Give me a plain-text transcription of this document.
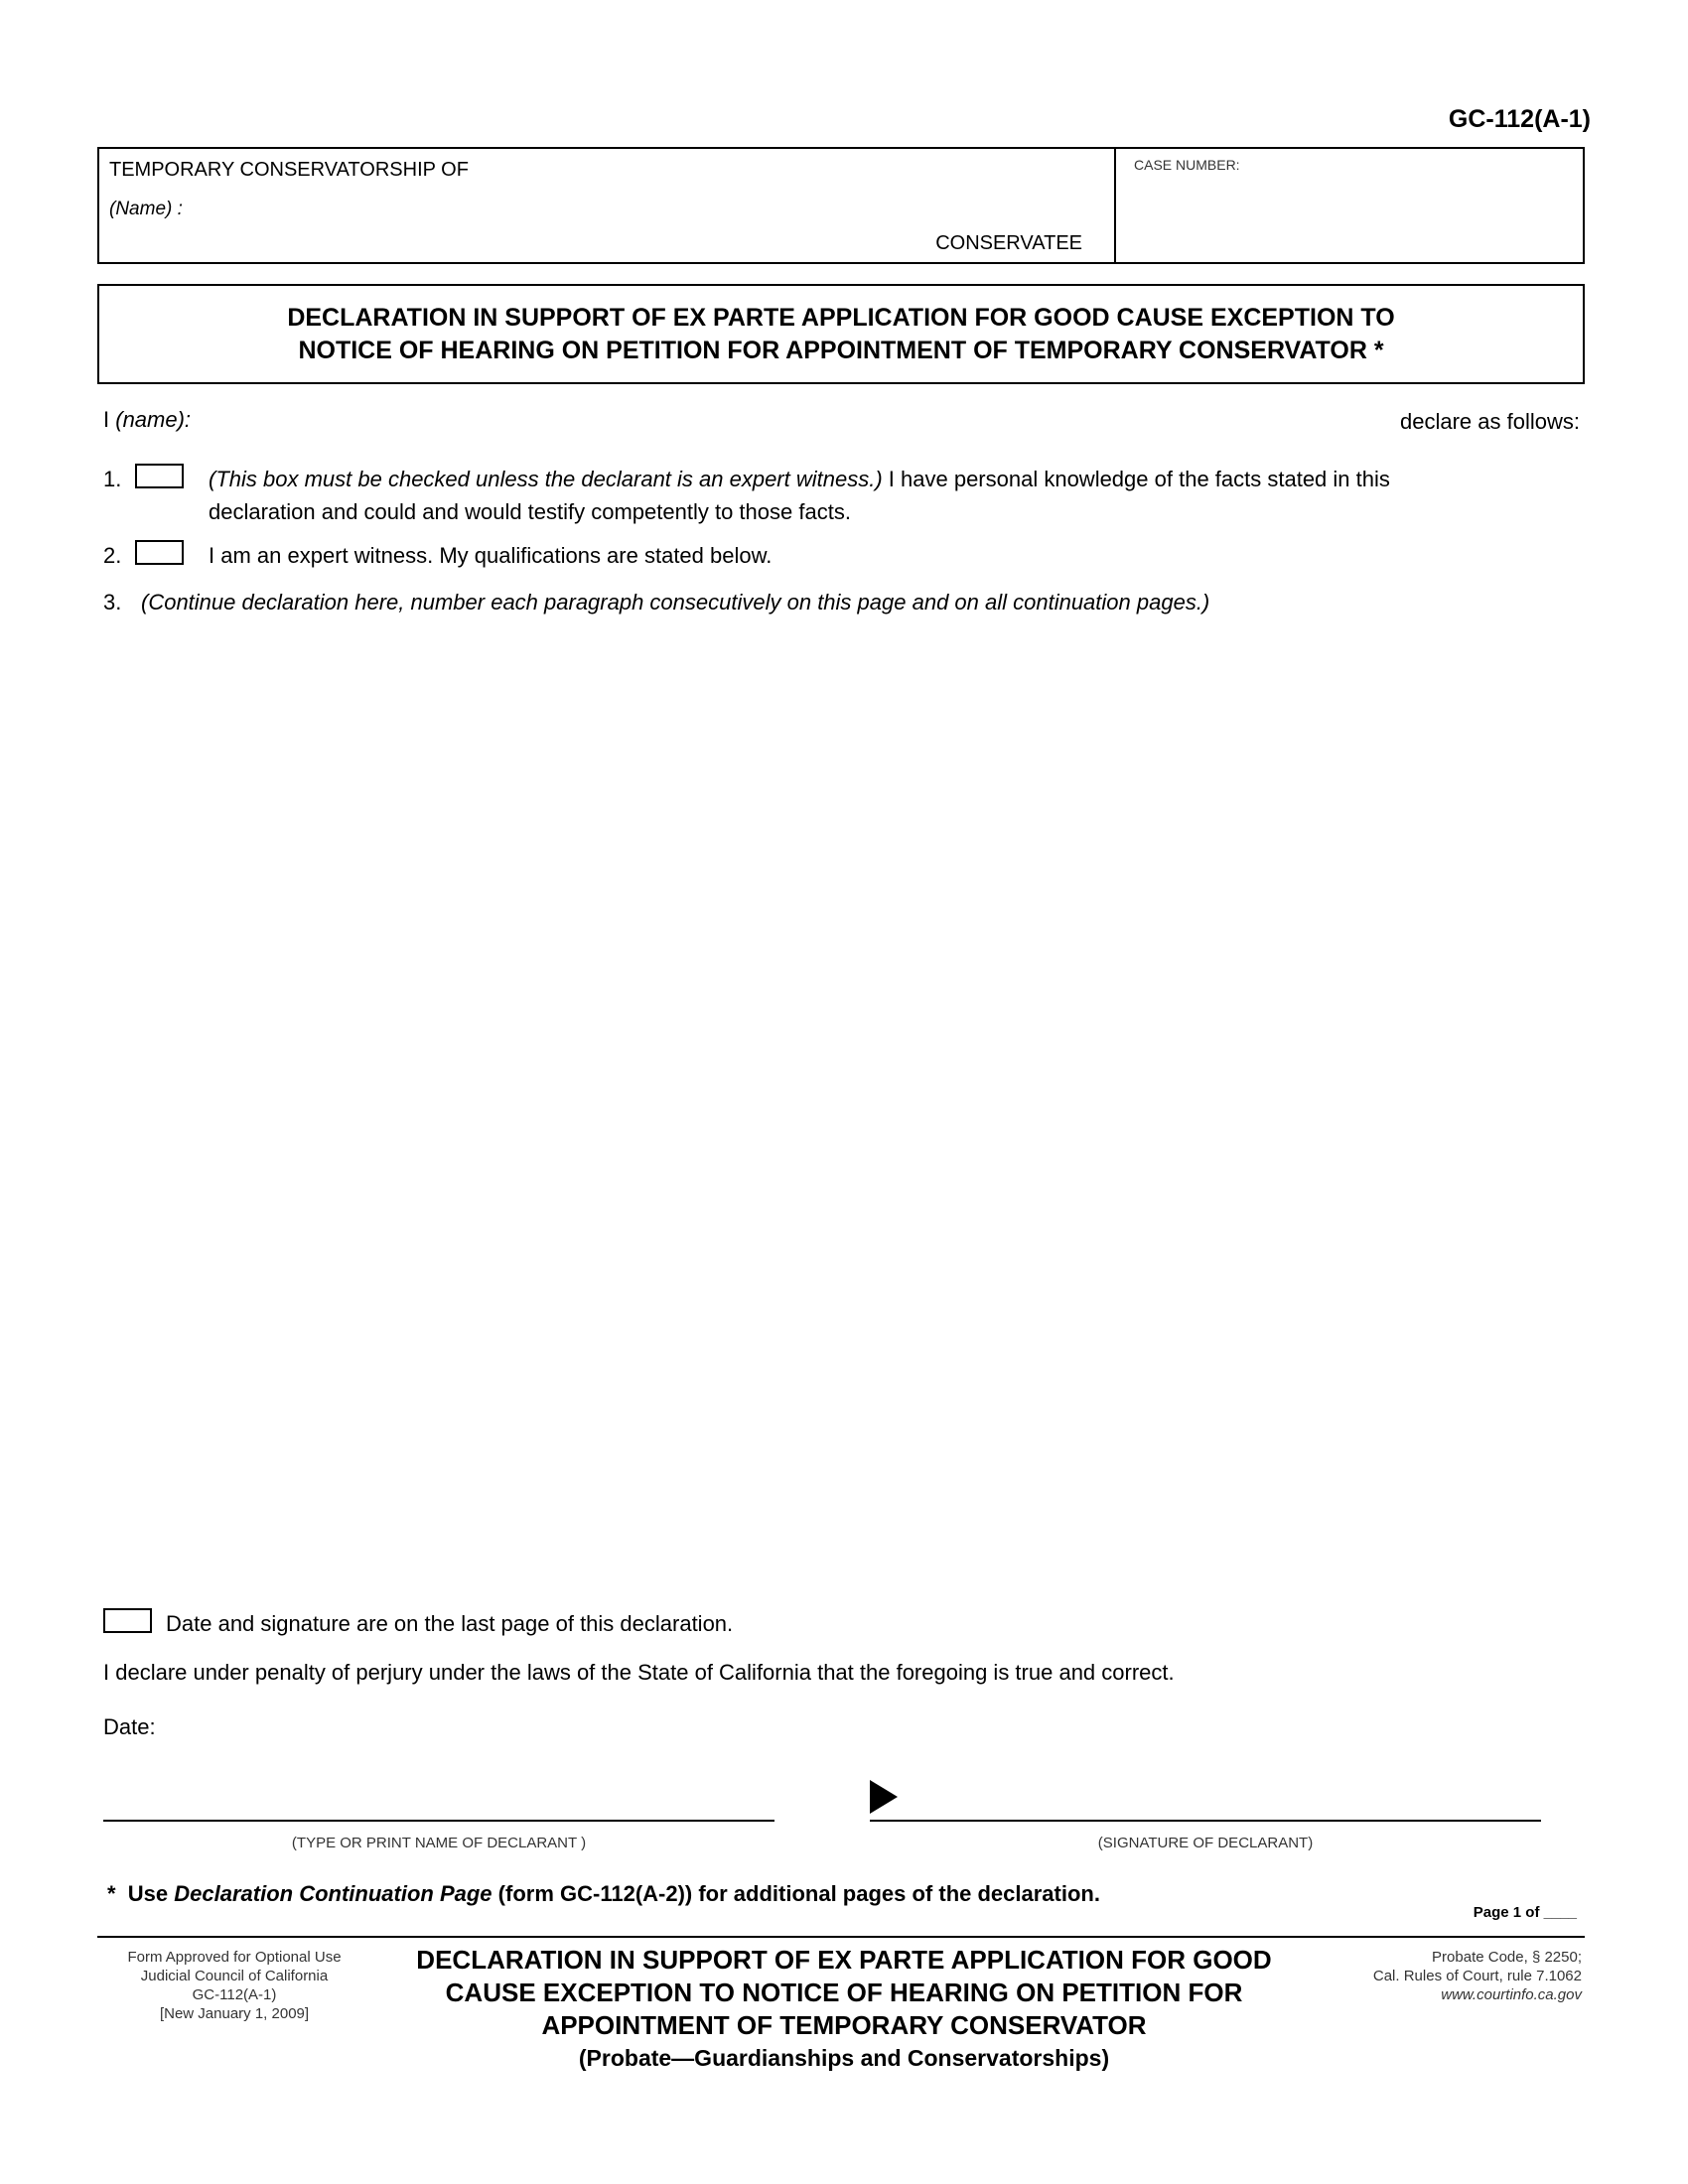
GC-112(A-1)
TEMPORARY CONSERVATORSHIP OF
(Name) :
CONSERVATEE
CASE NUMBER:
DECLARATION IN SUPPORT OF EX PARTE APPLICATION FOR GOOD CAUSE EXCEPTION TO
NOTICE OF HEARING ON PETITION FOR APPOINTMENT OF TEMPORARY CONSERVATOR *
I (name):	declare as follows:
1.	(This box must be checked unless the declarant is an expert witness.) I have personal knowledge of the facts stated in this
declaration and could and would testify competently to those facts.
2.	I am an expert witness. My qualifications are stated below.
3. (Continue declaration here, number each paragraph consecutively on this page and on all continuation pages.)
Date and signature are on the last page of this declaration.
I declare under penalty of perjury under the laws of the State of California that the foregoing is true and correct.
Date:
(TYPE OR PRINT NAME OF DECLARANT )	(SIGNATURE OF DECLARANT)
* Use Declaration Continuation Page (form GC-112(A-2)) for additional pages of the declaration.
Page 1 of ____
Form Approved for Optional Use
Judicial Council of California
GC-112(A-1)
[New January 1, 2009]
DECLARATION IN SUPPORT OF EX PARTE APPLICATION FOR GOOD
CAUSE EXCEPTION TO NOTICE OF HEARING ON PETITION FOR
APPOINTMENT OF TEMPORARY CONSERVATOR
(Probate—Guardianships and Conservatorships)
Probate Code, § 2250;
Cal. Rules of Court, rule 7.1062
www.courtinfo.ca.gov
